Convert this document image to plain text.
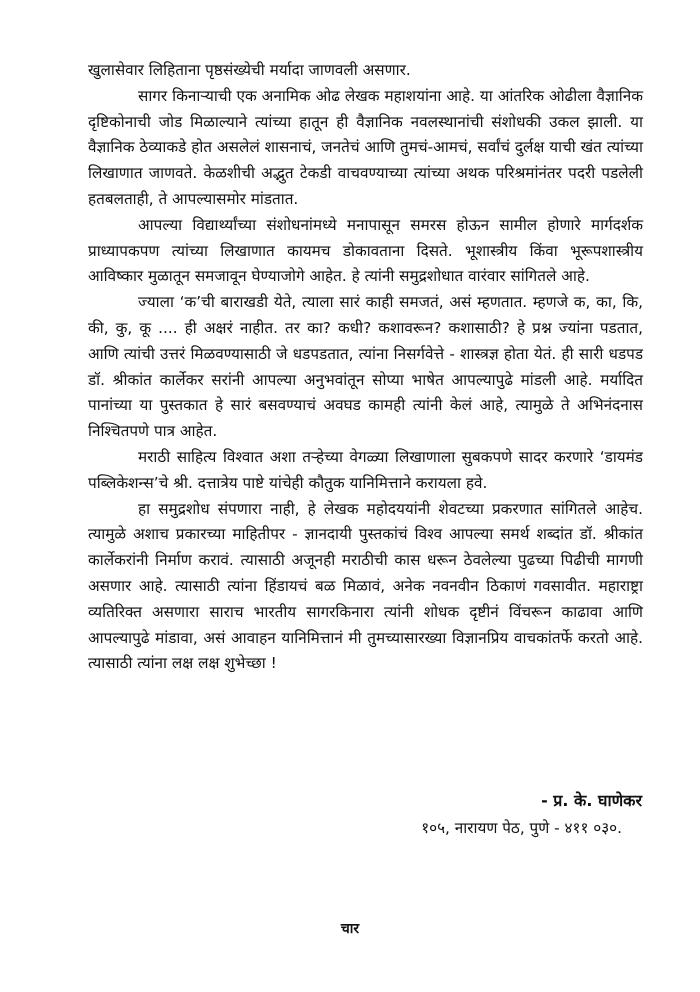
खुलासेवार लिहिताना पृष्ठसंख्येची मर्यादा जाणवली असणार.

सागर किनाऱ्याची एक अनामिक ओढ लेखक महाशयांना आहे. या आंतरिक ओढीला वैज्ञानिक दृष्टिकोनाची जोड मिळाल्याने त्यांच्या हातून ही वैज्ञानिक नवलस्थानांची संशोधकी उकल झाली. या वैज्ञानिक ठेव्याकडे होत असलेलं शासनाचं, जनतेचं आणि तुमचं-आमचं, सर्वांचं दुर्लक्ष याची खंत त्यांच्या लिखाणात जाणवते. केळशीची अद्भुत टेकडी वाचवण्याच्या त्यांच्या अथक परिश्रमांनंतर पदरी पडलेली हतबलताही, ते आपल्यासमोर मांडतात.

आपल्या विद्यार्थ्यांच्या संशोधनांमध्ये मनापासून समरस होऊन सामील होणारे मार्गदर्शक प्राध्यापकपण त्यांच्या लिखाणात कायमच डोकावताना दिसते. भूशास्त्रीय किंवा भूरूपशास्त्रीय आविष्कार मुळातून समजावून घेण्याजोगे आहेत. हे त्यांनी समुद्रशोधात वारंवार सांगितले आहे.

ज्याला ‘क’ची बाराखडी येते, त्याला सारं काही समजतं, असं म्हणतात. म्हणजे क, का, कि, की, कु, कू .... ही अक्षरं नाहीत. तर का? कधी? कशावरून? कशासाठी? हे प्रश्न ज्यांना पडतात, आणि त्यांची उत्तरं मिळवण्यासाठी जे धडपडतात, त्यांना निसर्गवेत्ते - शास्त्रज्ञ होता येतं. ही सारी धडपड डॉ. श्रीकांत कार्लेकर सरांनी आपल्या अनुभवांतून सोप्या भाषेत आपल्यापुढे मांडली आहे. मर्यादित पानांच्या या पुस्तकात हे सारं बसवण्याचं अवघड कामही त्यांनी केलं आहे, त्यामुळे ते अभिनंदनास निश्चितपणे पात्र आहेत.

मराठी साहित्य विश्वात अशा तऱ्हेच्या वेगळ्या लिखाणाला सुबकपणे सादर करणारे ‘डायमंड पब्लिकेशन्स’चे श्री. दत्तात्रेय पाष्टे यांचेही कौतुक यानिमित्ताने करायला हवे.

हा समुद्रशोध संपणारा नाही, हे लेखक महोदययांनी शेवटच्या प्रकरणात सांगितले आहेच. त्यामुळे अशाच प्रकारच्या माहितीपर - ज्ञानदायी पुस्तकांचं विश्व आपल्या समर्थ शब्दांत डॉ. श्रीकांत कार्लेकरांनी निर्माण करावं. त्यासाठी अजूनही मराठीची कास धरून ठेवलेल्या पुढच्या पिढीची मागणी असणार आहे. त्यासाठी त्यांना हिंडायचं बळ मिळावं, अनेक नवनवीन ठिकाणं गवसावीत. महाराष्ट्रा व्यतिरिक्त असणारा साराच भारतीय सागरकिनारा त्यांनी शोधक दृष्टीनं विंचरून काढावा आणि आपल्यापुढे मांडावा, असं आवाहन यानिमित्तानं मी तुमच्यासारख्या विज्ञानप्रिय वाचकांतर्फे करतो आहे. त्यासाठी त्यांना लक्ष लक्ष शुभेच्छा !

- प्र. के. घाणेकर
१०५, नारायण पेठ, पुणे - ४११ ०३०.
चार
